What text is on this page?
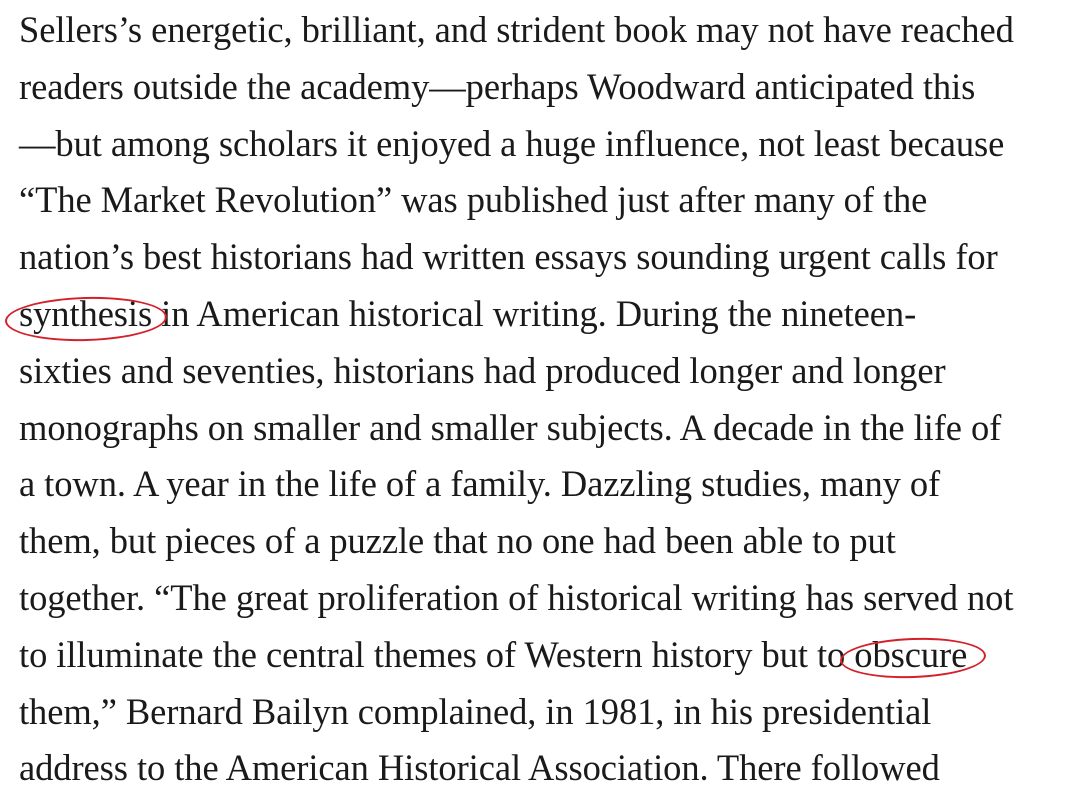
Sellers’s energetic, brilliant, and strident book may not have reached
readers outside the academy—perhaps Woodward anticipated this
—but among scholars it enjoyed a huge influence, not least because
“The Market Revolution” was published just after many of the
nation’s best historians had written essays sounding urgent calls for
synthesis
in American historical writing. During the nineteen-
sixties and seventies, historians had produced longer and longer
monographs on smaller and smaller subjects. A decade in the life of
a town. A year in the life of a family. Dazzling studies, many of
them, but pieces of a puzzle that no one had been able to put
together. “The great proliferation of historical writing has served not
to illuminate the central themes of Western history but to obscure
them,” Bernard Bailyn complained, in 1981, in his presidential
address to the American Historical Association. There followed
